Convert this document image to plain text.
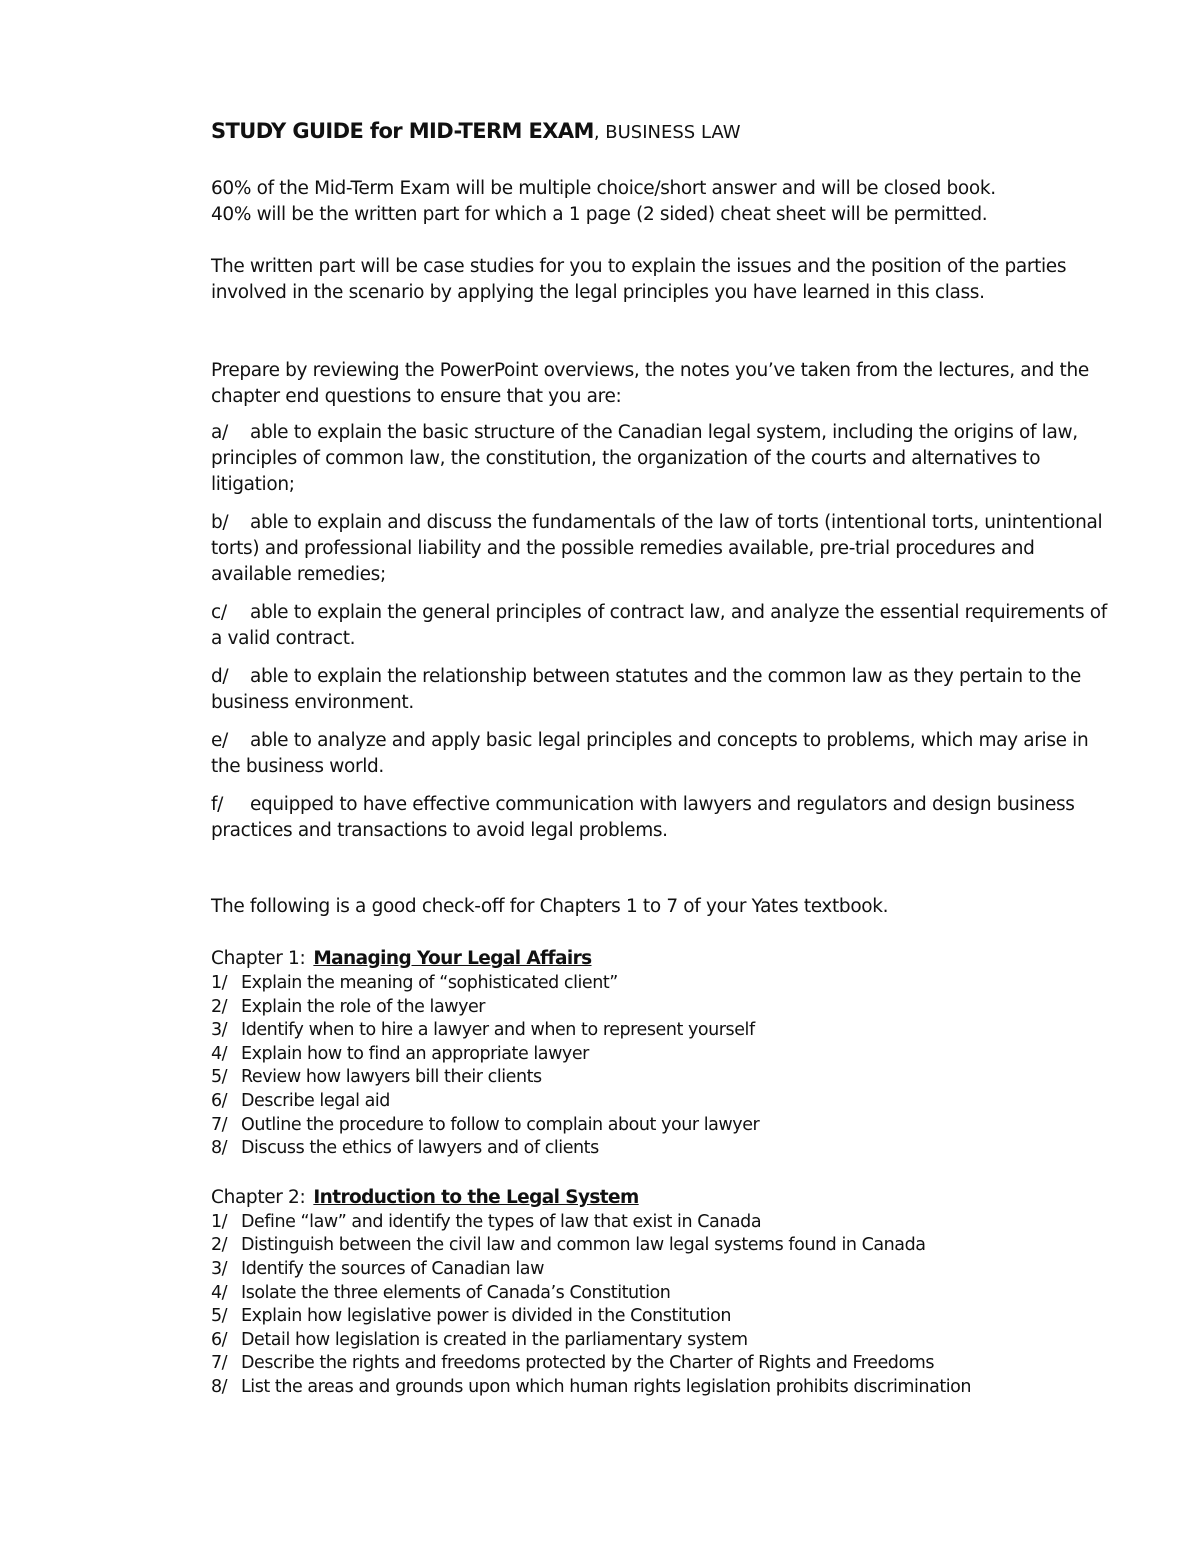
STUDY GUIDE for MID-TERM EXAM, BUSINESS LAW

60% of the Mid-Term Exam will be multiple choice/short answer and will be closed book.

40% will be the written part for which a 1 page (2 sided) cheat sheet will be permitted.

The written part will be case studies for you to explain the issues and the position of the parties involved in the scenario by applying the legal principles you have learned in this class.

Prepare by reviewing the PowerPoint overviews, the notes you’ve taken from the lectures, and the chapter end questions to ensure that you are:

a/ able to explain the basic structure of the Canadian legal system, including the origins of law, principles of common law, the constitution, the organization of the courts and alternatives to litigation;

b/ able to explain and discuss the fundamentals of the law of torts (intentional torts, unintentional torts) and professional liability and the possible remedies available, pre-trial procedures and available remedies;

c/ able to explain the general principles of contract law, and analyze the essential requirements of a valid contract.

d/ able to explain the relationship between statutes and the common law as they pertain to the business environment.

e/ able to analyze and apply basic legal principles and concepts to problems, which may arise in the business world.

f/ equipped to have effective communication with lawyers and regulators and design business practices and transactions to avoid legal problems.

The following is a good check-off for Chapters 1 to 7 of your Yates textbook.

Chapter 1: Managing Your Legal Affairs

1/ Explain the meaning of “sophisticated client”
2/ Explain the role of the lawyer
3/ Identify when to hire a lawyer and when to represent yourself
4/ Explain how to find an appropriate lawyer
5/ Review how lawyers bill their clients
6/ Describe legal aid
7/ Outline the procedure to follow to complain about your lawyer
8/ Discuss the ethics of lawyers and of clients

Chapter 2: Introduction to the Legal System

1/ Define “law” and identify the types of law that exist in Canada
2/ Distinguish between the civil law and common law legal systems found in Canada
3/ Identify the sources of Canadian law
4/ Isolate the three elements of Canada’s Constitution
5/ Explain how legislative power is divided in the Constitution
6/ Detail how legislation is created in the parliamentary system
7/ Describe the rights and freedoms protected by the Charter of Rights and Freedoms
8/ List the areas and grounds upon which human rights legislation prohibits discrimination
